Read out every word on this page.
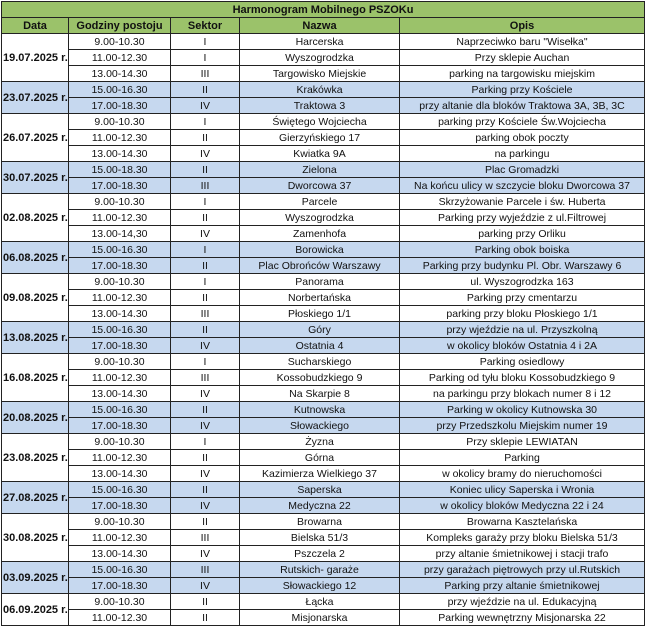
Harmonogram Mobilnego PSZOKu				
Data	Godziny postoju	Sektor	Nazwa	Opis
19.07.2025 r.	9.00-10.30	I	Harcerska	Naprzeciwko baru "Wisełka"
	11.00-12.30	I	Wyszogrodzka	Przy sklepie Auchan
	13.00-14.30	III	Targowisko Miejskie	parking na targowisku miejskim
23.07.2025 r.	15.00-16.30	II	Krakówka	Parking przy Kościele
	17.00-18.30	IV	Traktowa 3	przy altanie dla bloków Traktowa 3A, 3B, 3C
26.07.2025 r.	9.00-10.30	I	Świętego Wojciecha	parking przy Kościele Św.Wojciecha
	11.00-12.30	II	Gierzyńskiego 17	parking obok poczty
	13.00-14.30	IV	Kwiatka 9A	na parkingu
30.07.2025 r.	15.00-18.30	II	Zielona	Plac Gromadzki
	17.00-18.30	III	Dworcowa 37	Na końcu ulicy w szczycie bloku Dworcowa 37
02.08.2025 r.	9.00-10.30	I	Parcele	Skrzyżowanie Parcele i św. Huberta
	11.00-12.30	II	Wyszogrodzka	Parking przy wyjeździe z ul.Filtrowej
	13.00-14,30	IV	Zamenhofa	parking przy Orliku
06.08.2025 r.	15.00-16.30	I	Borowicka	Parking obok boiska
	17.00-18.30	II	Plac Obrońców Warszawy	Parking przy budynku Pl. Obr. Warszawy 6
09.08.2025 r.	9.00-10.30	I	Panorama	ul. Wyszogrodzka 163
	11.00-12.30	II	Norbertańska	Parking przy cmentarzu
	13.00-14.30	III	Płoskiego 1/1	parking przy bloku Płoskiego 1/1
13.08.2025 r.	15.00-16.30	II	Góry	przy wjeździe na ul. Przyszkolną
	17.00-18.30	IV	Ostatnia 4	w okolicy bloków Ostatnia 4 i 2A
16.08.2025 r.	9.00-10.30	I	Sucharskiego	Parking osiedlowy
	11.00-12.30	III	Kossobudzkiego 9	Parking od tyłu bloku Kossobudzkiego 9
	13.00-14.30	IV	Na Skarpie 8	na parkingu przy blokach numer 8 i 12
20.08.2025 r.	15.00-16.30	II	Kutnowska	Parking w okolicy Kutnowska 30
	17.00-18.30	IV	Słowackiego	przy Przedszkolu Miejskim numer 19
23.08.2025 r.	9.00-10.30	I	Żyzna	Przy sklepie LEWIATAN
	11.00-12.30	II	Górna	Parking
	13.00-14.30	IV	Kazimierza Wielkiego 37	w okolicy bramy do nieruchomości
27.08.2025 r.	15.00-16.30	II	Saperska	Koniec ulicy Saperska i Wronia
	17.00-18.30	IV	Medyczna 22	w okolicy bloków Medyczna 22 i 24
30.08.2025 r.	9.00-10.30	II	Browarna	Browarna Kasztelańska
	11.00-12.30	III	Bielska 51/3	Kompleks garaży przy bloku Bielska 51/3
	13.00-14.30	IV	Pszczela 2	przy altanie śmietnikowej i stacji trafo
03.09.2025 r.	15.00-16.30	III	Rutskich- garaże	przy garażach piętrowych przy ul.Rutskich
	17.00-18.30	IV	Słowackiego 12	Parking przy altanie śmietnikowej
06.09.2025 r.	9.00-10.30	II	Łącka	przy wjeździe na ul. Edukacyjną
	11.00-12.30	II	Misjonarska	Parking wewnętrzny Misjonarska 22
